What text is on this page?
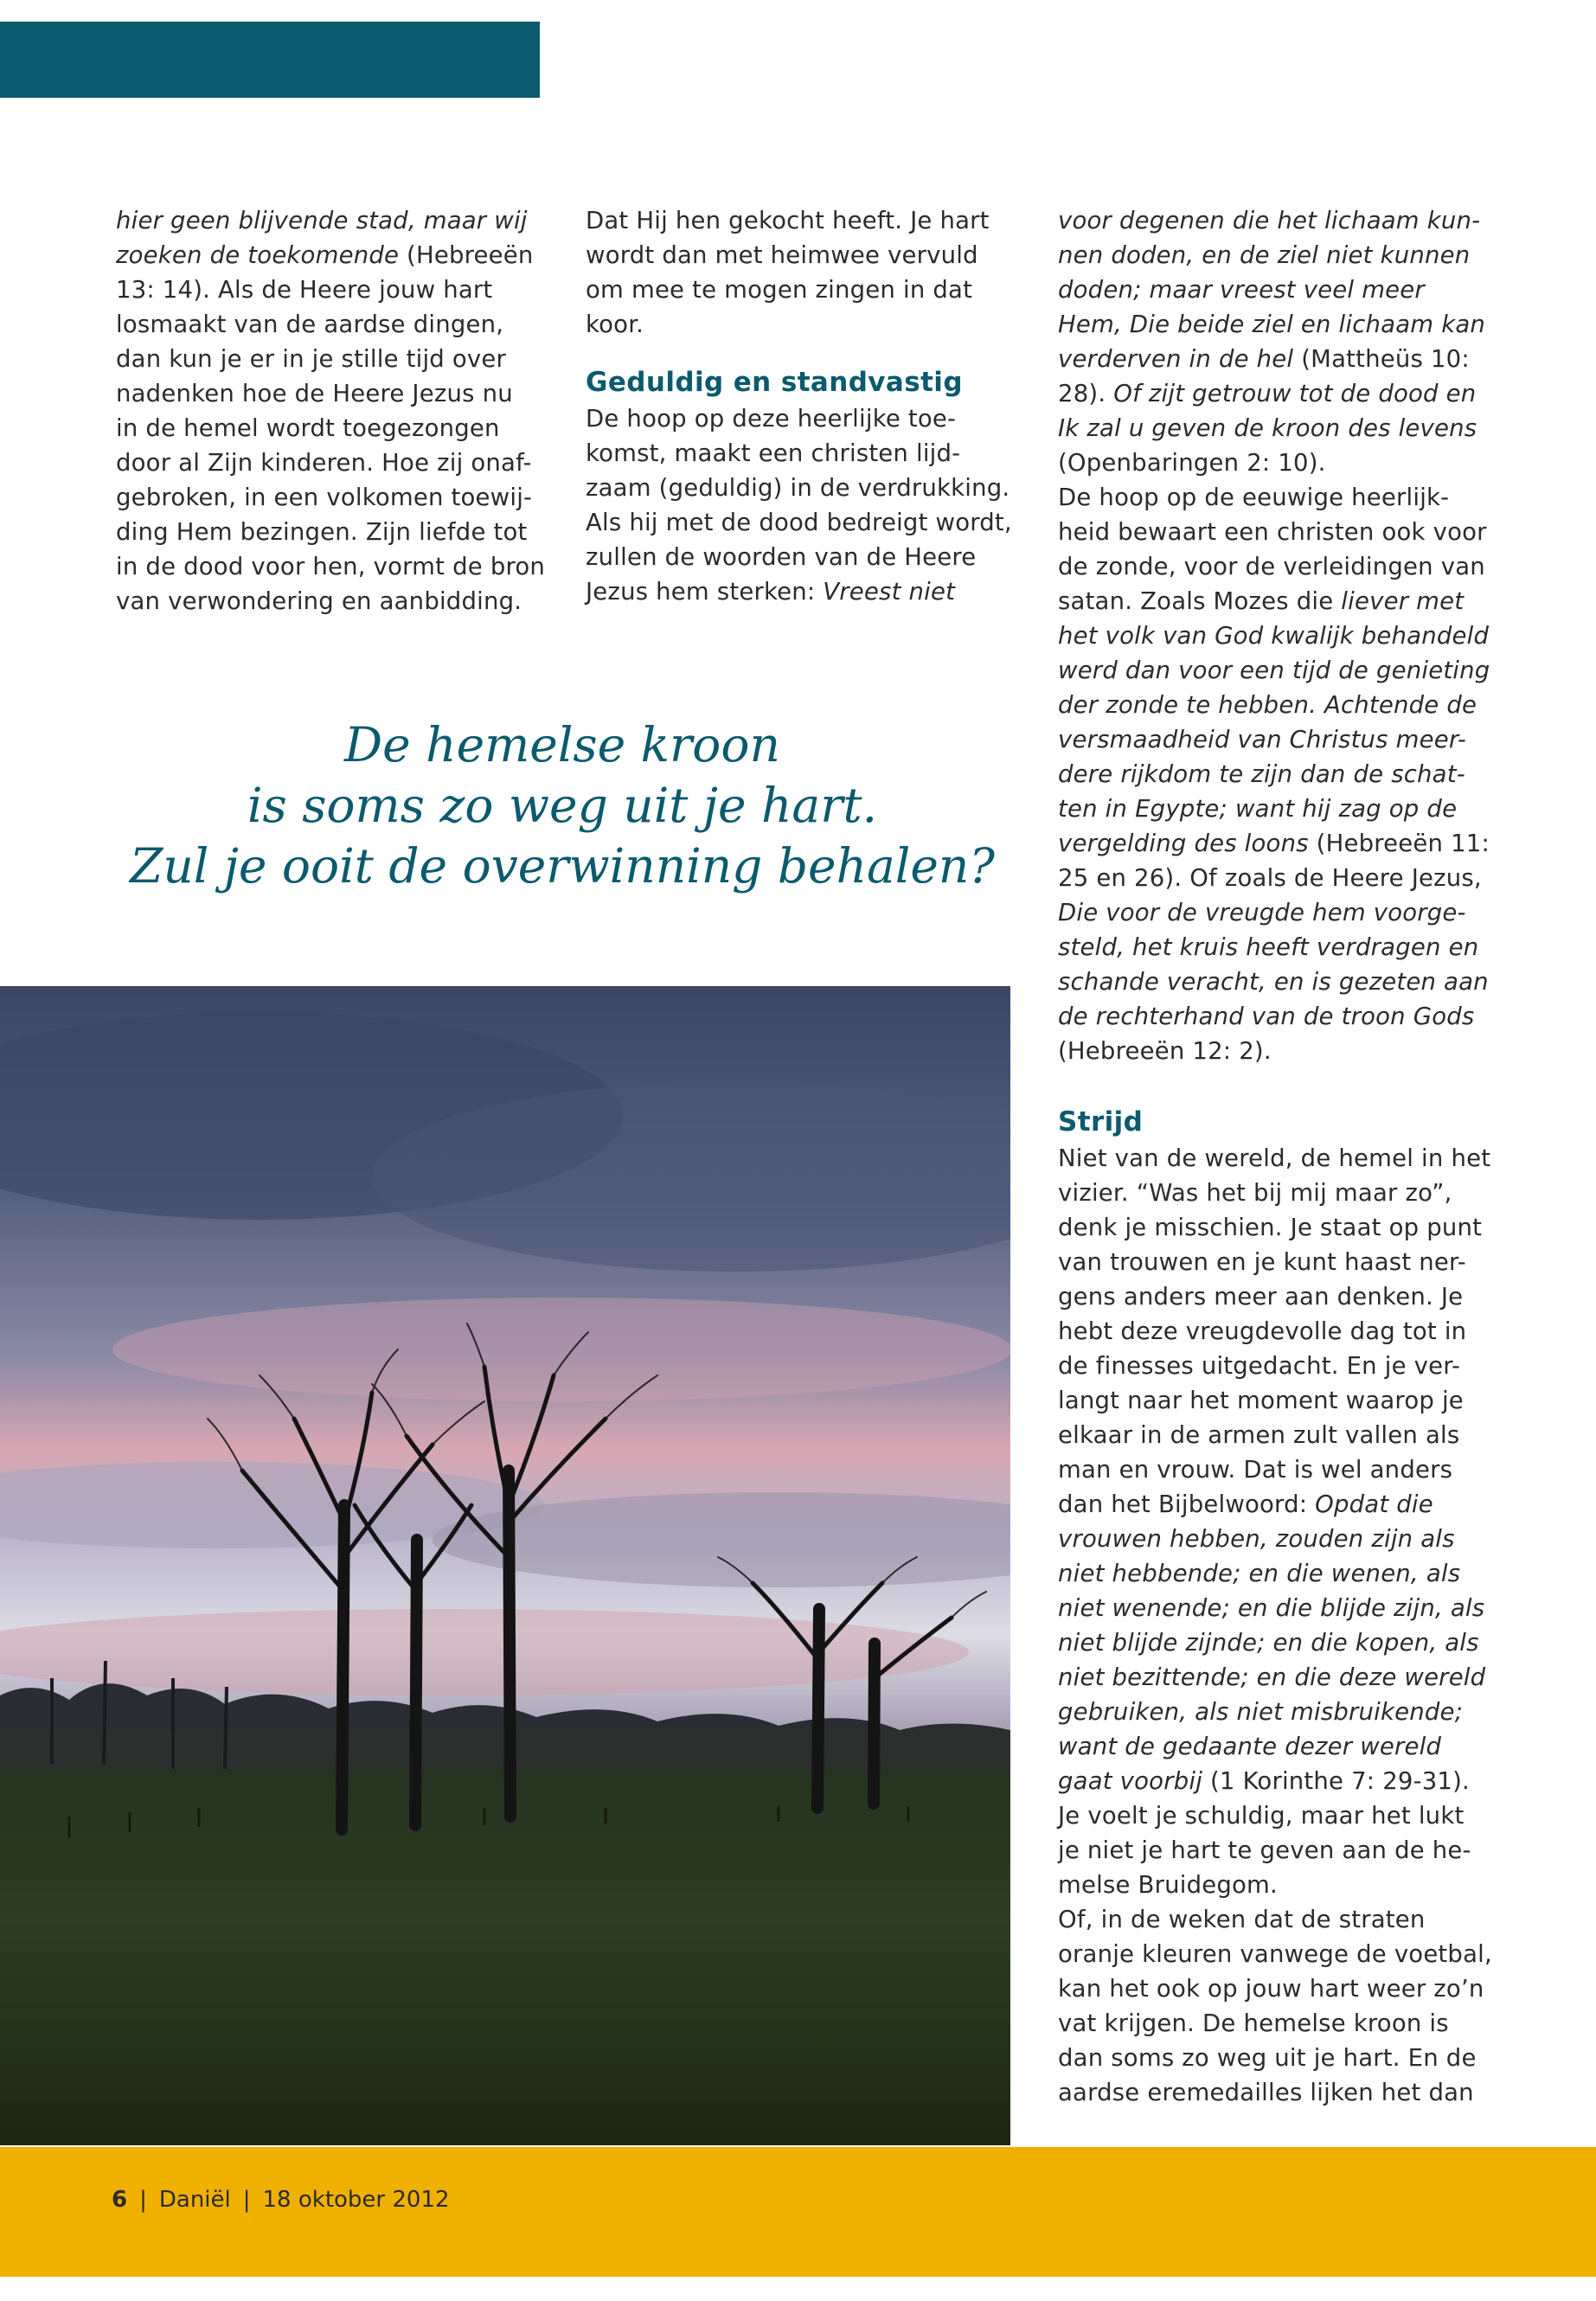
hier geen blijvende stad, maar wij
zoeken de toekomende (Hebreeën
13: 14). Als de Heere jouw hart
losmaakt van de aardse dingen,
dan kun je er in je stille tijd over
nadenken hoe de Heere Jezus nu
in de hemel wordt toegezongen
door al Zijn kinderen. Hoe zij onaf-
gebroken, in een volkomen toewij-
ding Hem bezingen. Zijn liefde tot
in de dood voor hen, vormt de bron
van verwondering en aanbidding.
Dat Hij hen gekocht heeft. Je hart
wordt dan met heimwee vervuld
om mee te mogen zingen in dat
koor.
Geduldig en standvastig
De hoop op deze heerlijke toe-
komst, maakt een christen lijd-
zaam (geduldig) in de verdrukking.
Als hij met de dood bedreigt wordt,
zullen de woorden van de Heere
Jezus hem sterken: Vreest niet
voor degenen die het lichaam kun-
nen doden, en de ziel niet kunnen
doden; maar vreest veel meer
Hem, Die beide ziel en lichaam kan
verderven in de hel (Mattheüs 10:
28). Of zijt getrouw tot de dood en
Ik zal u geven de kroon des levens
(Openbaringen 2: 10).
De hoop op de eeuwige heerlijk-
heid bewaart een christen ook voor
de zonde, voor de verleidingen van
satan. Zoals Mozes die liever met
het volk van God kwalijk behandeld
werd dan voor een tijd de genieting
der zonde te hebben. Achtende de
versmaadheid van Christus meer-
dere rijkdom te zijn dan de schat-
ten in Egypte; want hij zag op de
vergelding des loons (Hebreeën 11:
25 en 26). Of zoals de Heere Jezus,
Die voor de vreugde hem voorge-
steld, het kruis heeft verdragen en
schande veracht, en is gezeten aan
de rechterhand van de troon Gods
(Hebreeën 12: 2).
Strijd
Niet van de wereld, de hemel in het
vizier. “Was het bij mij maar zo”,
denk je misschien. Je staat op punt
van trouwen en je kunt haast ner-
gens anders meer aan denken. Je
hebt deze vreugdevolle dag tot in
de finesses uitgedacht. En je ver-
langt naar het moment waarop je
elkaar in de armen zult vallen als
man en vrouw. Dat is wel anders
dan het Bijbelwoord: Opdat die
vrouwen hebben, zouden zijn als
niet hebbende; en die wenen, als
niet wenende; en die blijde zijn, als
niet blijde zijnde; en die kopen, als
niet bezittende; en die deze wereld
gebruiken, als niet misbruikende;
want de gedaante dezer wereld
gaat voorbij (1 Korinthe 7: 29-31).
Je voelt je schuldig, maar het lukt
je niet je hart te geven aan de he-
melse Bruidegom.
Of, in de weken dat de straten
oranje kleuren vanwege de voetbal,
kan het ook op jouw hart weer zo’n
vat krijgen. De hemelse kroon is
dan soms zo weg uit je hart. En de
aardse eremedailles lijken het dan
De hemelse kroon
is soms zo weg uit je hart.
Zul je ooit de overwinning behalen?
6 | Daniël | 18 oktober 2012
